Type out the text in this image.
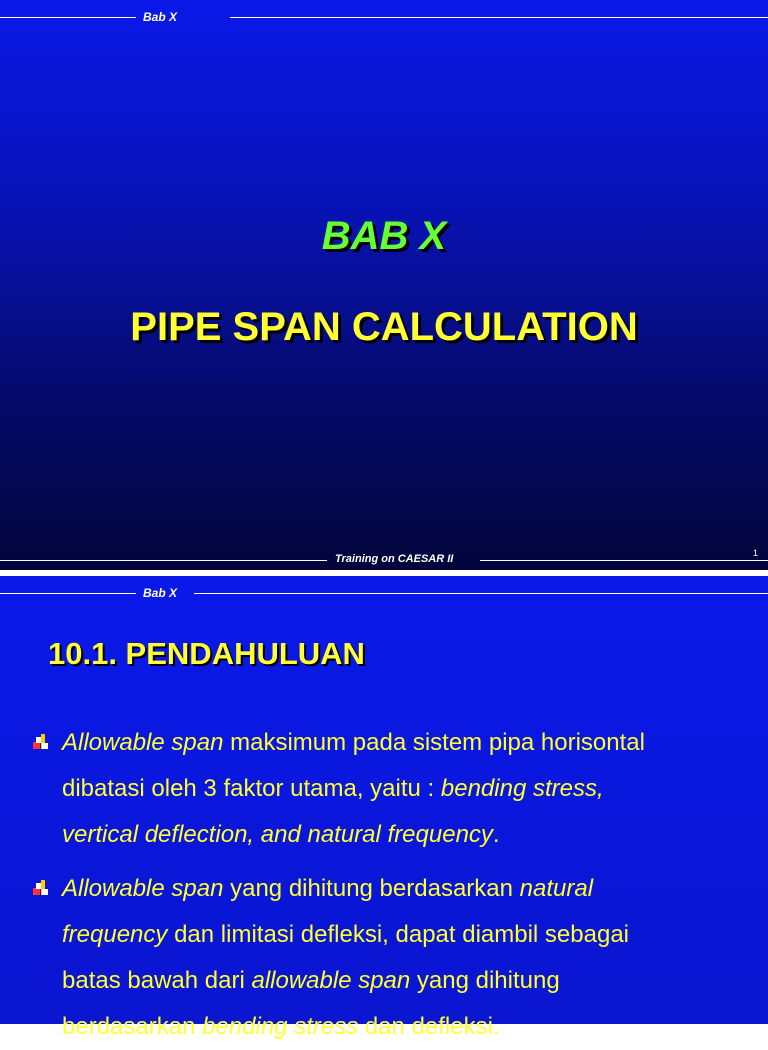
Bab X
BAB X
PIPE SPAN CALCULATION
Training on CAESAR II	1
Bab X
10.1. PENDAHULUAN
Allowable span maksimum pada sistem pipa horisontal
dibatasi oleh 3 faktor utama, yaitu : bending stress,
vertical deflection, and natural frequency.
Allowable span yang dihitung berdasarkan natural
frequency dan limitasi defleksi, dapat diambil sebagai
batas bawah dari allowable span yang dihitung
berdasarkan bending stress dan defleksi.
